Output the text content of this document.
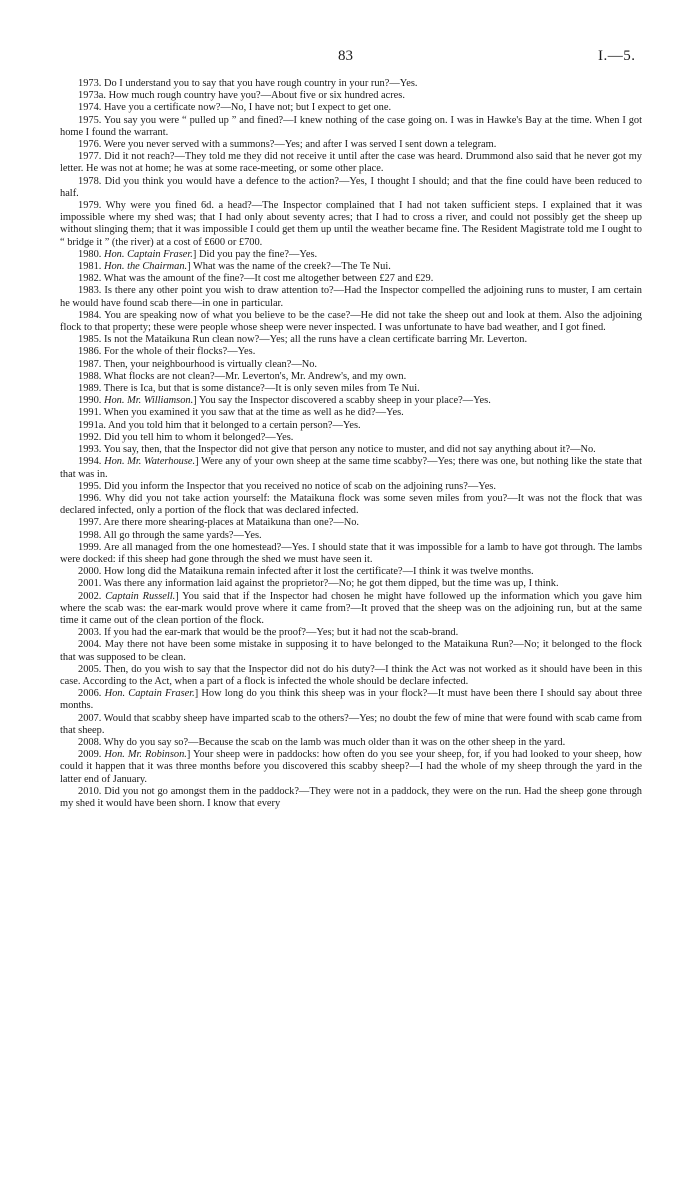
83	I.—5.

1973. Do I understand you to say that you have rough country in your run?—Yes.

1973a. How much rough country have you?—About five or six hundred acres.

1974. Have you a certificate now?—No, I have not; but I expect to get one.

1975. You say you were “ pulled up ” and fined?—I knew nothing of the case going on. I was in Hawke's Bay at the time. When I got home I found the warrant.

1976. Were you never served with a summons?—Yes; and after I was served I sent down a telegram.

1977. Did it not reach?—They told me they did not receive it until after the case was heard. Drummond also said that he never got my letter. He was not at home; he was at some race-meeting, or some other place.

1978. Did you think you would have a defence to the action?—Yes, I thought I should; and that the fine could have been reduced to half.

1979. Why were you fined 6d. a head?—The Inspector complained that I had not taken sufficient steps. I explained that it was impossible where my shed was; that I had only about seventy acres; that I had to cross a river, and could not possibly get the sheep up without slinging them; that it was impossible I could get them up until the weather became fine. The Resident Magistrate told me I ought to “ bridge it ” (the river) at a cost of £600 or £700.

1980. Hon. Captain Fraser.] Did you pay the fine?—Yes.

1981. Hon. the Chairman.] What was the name of the creek?—The Te Nui.

1982. What was the amount of the fine?—It cost me altogether between £27 and £29.

1983. Is there any other point you wish to draw attention to?—Had the Inspector compelled the adjoining runs to muster, I am certain he would have found scab there—in one in particular.

1984. You are speaking now of what you believe to be the case?—He did not take the sheep out and look at them. Also the adjoining flock to that property; these were people whose sheep were never inspected. I was unfortunate to have bad weather, and I got fined.

1985. Is not the Mataikuna Run clean now?—Yes; all the runs have a clean certificate barring Mr. Leverton.

1986. For the whole of their flocks?—Yes.

1987. Then, your neighbourhood is virtually clean?—No.

1988. What flocks are not clean?—Mr. Leverton's, Mr. Andrew's, and my own.

1989. There is Ica, but that is some distance?—It is only seven miles from Te Nui.

1990. Hon. Mr. Williamson.] You say the Inspector discovered a scabby sheep in your place?—Yes.

1991. When you examined it you saw that at the time as well as he did?—Yes.

1991a. And you told him that it belonged to a certain person?—Yes.

1992. Did you tell him to whom it belonged?—Yes.

1993. You say, then, that the Inspector did not give that person any notice to muster, and did not say anything about it?—No.

1994. Hon. Mr. Waterhouse.] Were any of your own sheep at the same time scabby?—Yes; there was one, but nothing like the state that that was in.

1995. Did you inform the Inspector that you received no notice of scab on the adjoining runs?—Yes.

1996. Why did you not take action yourself: the Mataikuna flock was some seven miles from you?—It was not the flock that was declared infected, only a portion of the flock that was declared infected.

1997. Are there more shearing-places at Mataikuna than one?—No.

1998. All go through the same yards?—Yes.

1999. Are all managed from the one homestead?—Yes. I should state that it was impossible for a lamb to have got through. The lambs were docked: if this sheep had gone through the shed we must have seen it.

2000. How long did the Mataikuna remain infected after it lost the certificate?—I think it was twelve months.

2001. Was there any information laid against the proprietor?—No; he got them dipped, but the time was up, I think.

2002. Captain Russell.] You said that if the Inspector had chosen he might have followed up the information which you gave him where the scab was: the ear-mark would prove where it came from?—It proved that the sheep was on the adjoining run, but at the same time it came out of the clean portion of the flock.

2003. If you had the ear-mark that would be the proof?—Yes; but it had not the scab-brand.

2004. May there not have been some mistake in supposing it to have belonged to the Mataikuna Run?—No; it belonged to the flock that was supposed to be clean.

2005. Then, do you wish to say that the Inspector did not do his duty?—I think the Act was not worked as it should have been in this case. According to the Act, when a part of a flock is infected the whole should be declare infected.

2006. Hon. Captain Fraser.] How long do you think this sheep was in your flock?—It must have been there I should say about three months.

2007. Would that scabby sheep have imparted scab to the others?—Yes; no doubt the few of mine that were found with scab came from that sheep.

2008. Why do you say so?—Because the scab on the lamb was much older than it was on the other sheep in the yard.

2009. Hon. Mr. Robinson.] Your sheep were in paddocks: how often do you see your sheep, for, if you had looked to your sheep, how could it happen that it was three months before you discovered this scabby sheep?—I had the whole of my sheep through the yard in the latter end of January.

2010. Did you not go amongst them in the paddock?—They were not in a paddock, they were on the run. Had the sheep gone through my shed it would have been shorn. I know that every
